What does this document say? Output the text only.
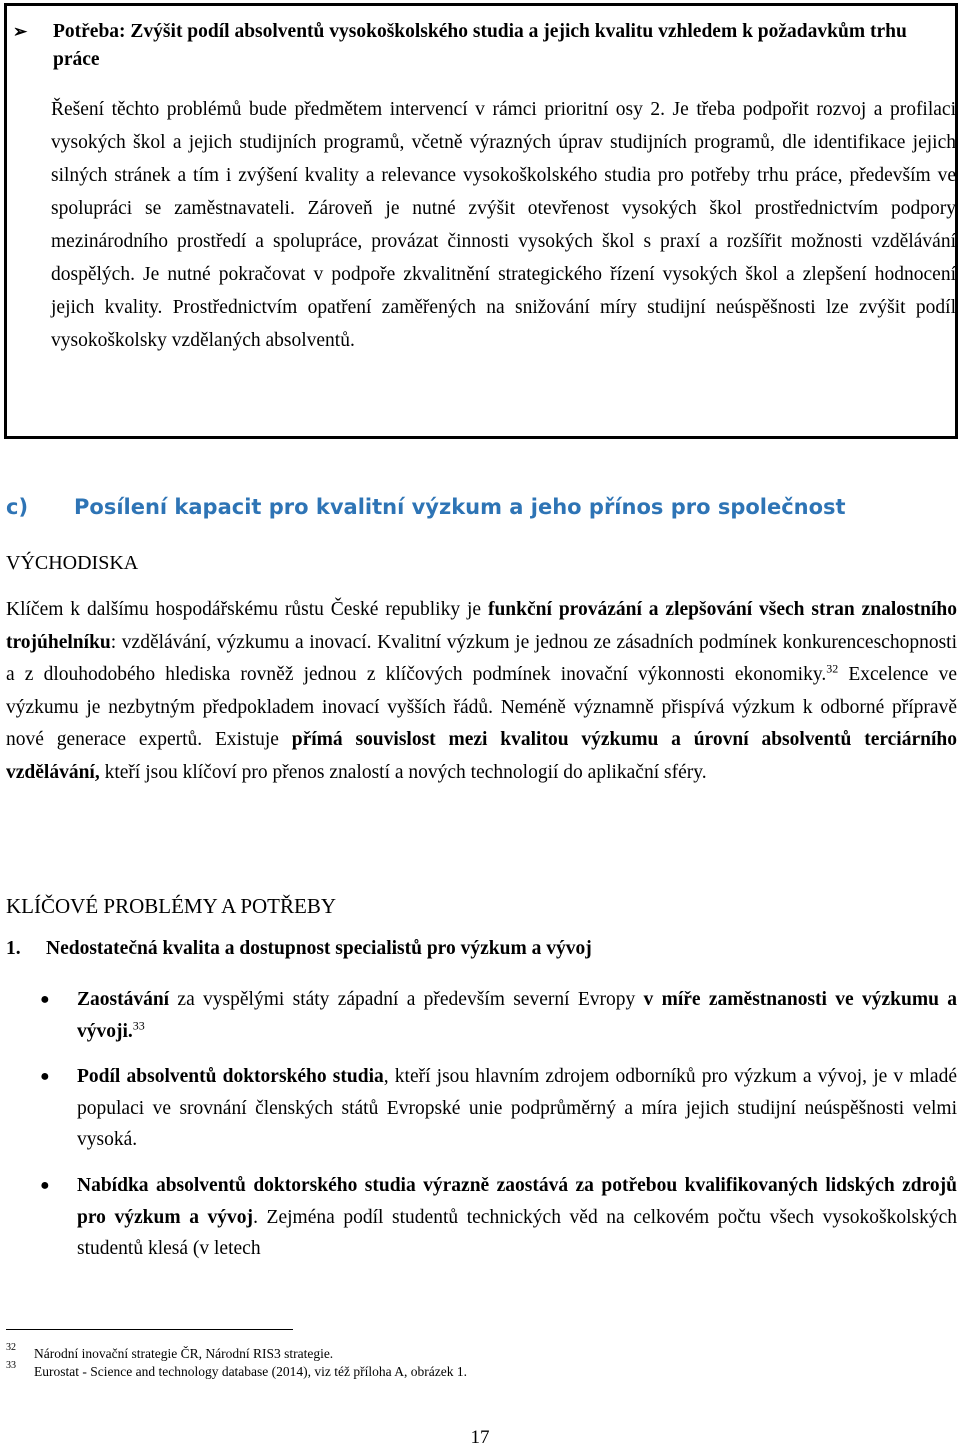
➢	Potřeba: Zvýšit podíl absolventů vysokoškolského studia a jejich kvalitu vzhledem k požadavkům trhu práce
Řešení těchto problémů bude předmětem intervencí v rámci prioritní osy 2. Je třeba podpořit rozvoj a profilaci vysokých škol a jejich studijních programů, včetně výrazných úprav studijních programů, dle identifikace jejich silných stránek a tím i zvýšení kvality a relevance vysokoškolského studia pro potřeby trhu práce, především ve spolupráci se zaměstnavateli. Zároveň je nutné zvýšit otevřenost vysokých škol prostřednictvím podpory mezinárodního prostředí a spolupráce, provázat činnosti vysokých škol s praxí a rozšířit možnosti vzdělávání dospělých. Je nutné pokračovat v podpoře zkvalitnění strategického řízení vysokých škol a zlepšení hodnocení jejich kvality. Prostřednictvím opatření zaměřených na snižování míry studijní neúspěšnosti lze zvýšit podíl vysokoškolsky vzdělaných absolventů.
c) Posílení kapacit pro kvalitní výzkum a jeho přínos pro společnost
VÝCHODISKA
Klíčem k dalšímu hospodářskému růstu České republiky je funkční provázání a zlepšování všech stran znalostního trojúhelníku: vzdělávání, výzkumu a inovací. Kvalitní výzkum je jednou ze zásadních podmínek konkurenceschopnosti a z dlouhodobého hlediska rovněž jednou z klíčových podmínek inovační výkonnosti ekonomiky.$^{32}$ Excelence ve výzkumu je nezbytným předpokladem inovací vyšších řádů. Neméně významně přispívá výzkum k odborné přípravě nové generace expertů. Existuje přímá souvislost mezi kvalitou výzkumu a úrovní absolventů terciárního vzdělávání, kteří jsou klíčoví pro přenos znalostí a nových technologií do aplikační sféry.
KLÍČOVÉ PROBLÉMY A POTŘEBY
1. Nedostatečná kvalita a dostupnost specialistů pro výzkum a vývoj
● Zaostávání za vyspělými státy západní a především severní Evropy v míře zaměstnanosti ve výzkumu a vývoji.$^{33}$
● Podíl absolventů doktorského studia, kteří jsou hlavním zdrojem odborníků pro výzkum a vývoj, je v mladé populaci ve srovnání členských států Evropské unie podprůměrný a míra jejich studijní neúspěšnosti velmi vysoká.
● Nabídka absolventů doktorského studia výrazně zaostává za potřebou kvalifikovaných lidských zdrojů pro výzkum a vývoj. Zejména podíl studentů technických věd na celkovém počtu všech vysokoškolských studentů klesá (v letech
32 Národní inovační strategie ČR, Národní RIS3 strategie.
33 Eurostat - Science and technology database (2014), viz též příloha A, obrázek 1.
17
